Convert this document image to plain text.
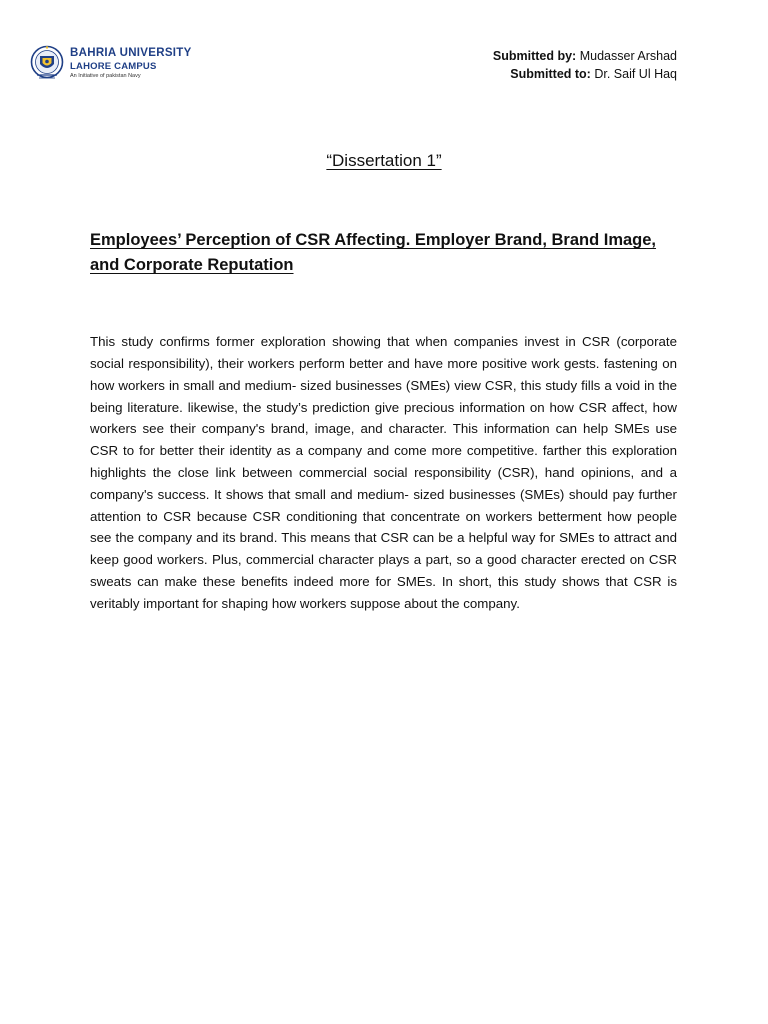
BAHRIA UNIVERSITY
LAHORE CAMPUS
An Initiative of pakistan Navy
Submitted by: Mudasser Arshad
Submitted to: Dr. Saif Ul Haq
“Dissertation 1”
Employees’ Perception of CSR Affecting. Employer Brand, Brand Image, and Corporate Reputation

This study confirms former exploration showing that when companies invest in CSR (corporate social responsibility), their workers perform better and have more positive work gests. fastening on how workers in small and medium- sized businesses (SMEs) view CSR, this study fills a void in the being literature. likewise, the study’s prediction give precious information on how CSR affect, how workers see their company's brand, image, and character. This information can help SMEs use CSR to for better their identity as a company and come more competitive. farther this exploration highlights the close link between commercial social responsibility (CSR), hand opinions, and a company's success. It shows that small and medium- sized businesses (SMEs) should pay further attention to CSR because CSR conditioning that concentrate on workers betterment how people see the company and its brand. This means that CSR can be a helpful way for SMEs to attract and keep good workers. Plus, commercial character plays a part, so a good character erected on CSR sweats can make these benefits indeed more for SMEs. In short, this study shows that CSR is veritably important for shaping how workers suppose about the company.
